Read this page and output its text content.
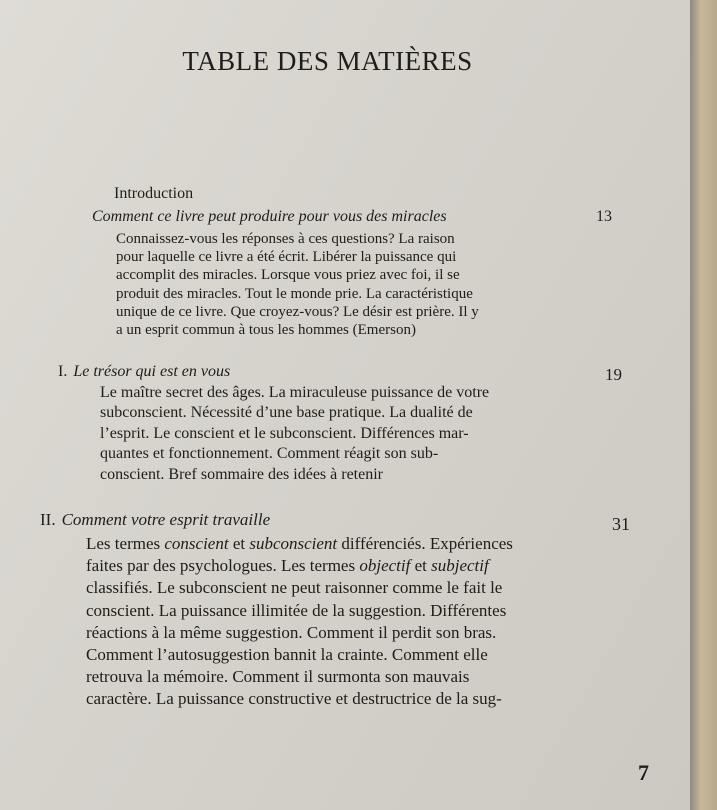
TABLE DES MATIÈRES
Introduction
Comment ce livre peut produire pour vous des miracles	13
Connaissez-vous les réponses à ces questions? La raison
pour laquelle ce livre a été écrit. Libérer la puissance qui
accomplit des miracles. Lorsque vous priez avec foi, il se
produit des miracles. Tout le monde prie. La caractéristique
unique de ce livre. Que croyez-vous? Le désir est prière. Il y
a un esprit commun à tous les hommes (Emerson)
I. Le trésor qui est en vous	19
Le maître secret des âges. La miraculeuse puissance de votre
subconscient. Nécessité d’une base pratique. La dualité de
l’esprit. Le conscient et le subconscient. Différences mar-
quantes et fonctionnement. Comment réagit son sub-
conscient. Bref sommaire des idées à retenir
II. Comment votre esprit travaille	31
Les termes conscient et subconscient différenciés. Expériences
faites par des psychologues. Les termes objectif et subjectif
classifiés. Le subconscient ne peut raisonner comme le fait le
conscient. La puissance illimitée de la suggestion. Différentes
réactions à la même suggestion. Comment il perdit son bras.
Comment l’autosuggestion bannit la crainte. Comment elle
retrouva la mémoire. Comment il surmonta son mauvais
caractère. La puissance constructive et destructrice de la sug-
7
